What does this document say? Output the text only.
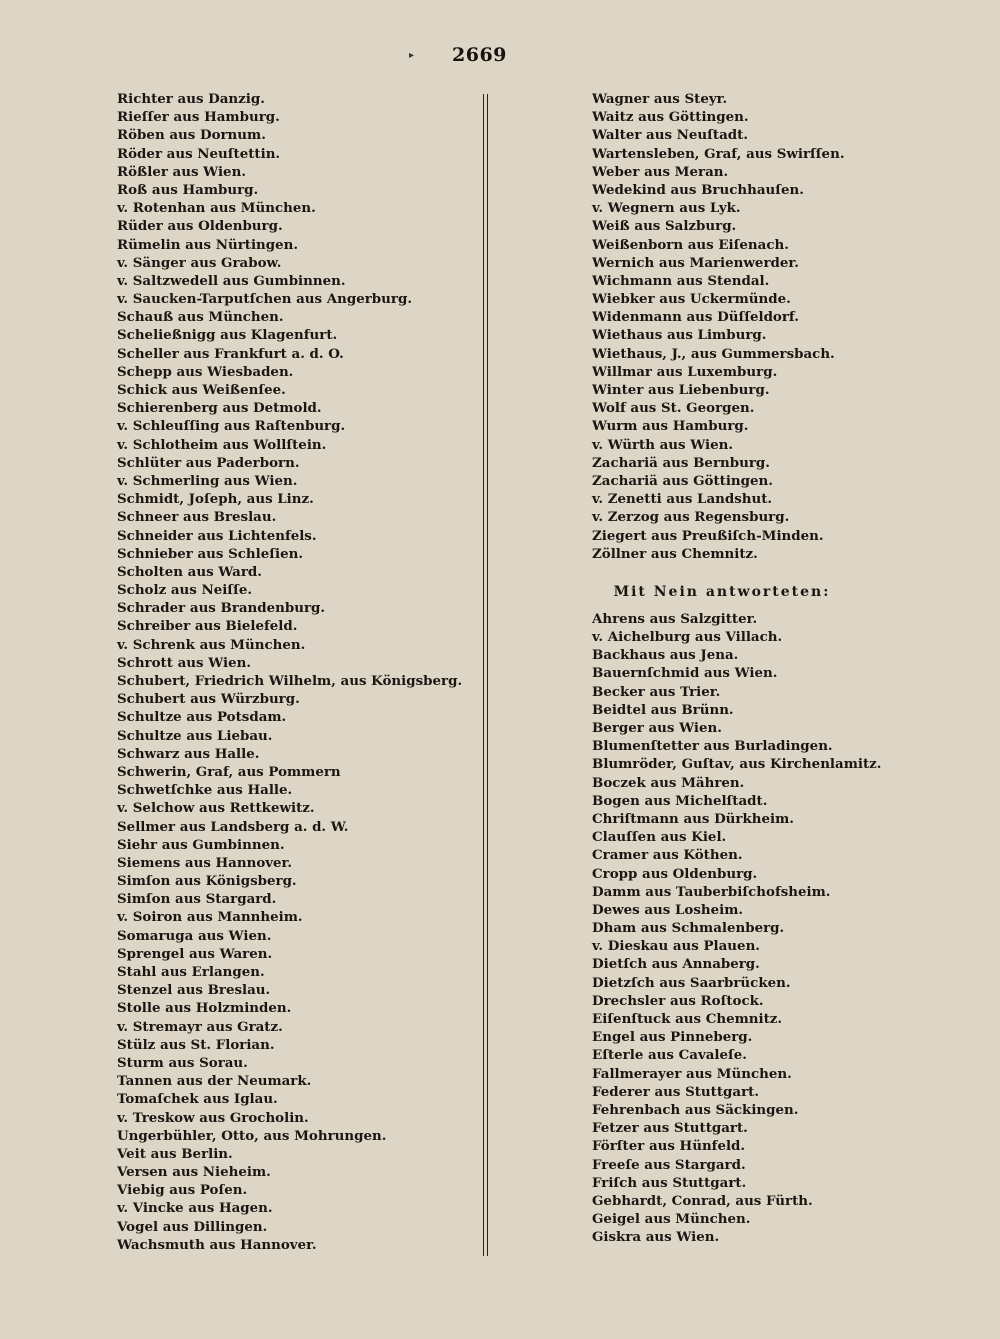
▸ 2669
Richter aus Danzig.
Rieſſer aus Hamburg.
Röben aus Dornum.
Röder aus Neuſtettin.
Rößler aus Wien.
Roß aus Hamburg.
v. Rotenhan aus München.
Rüder aus Oldenburg.
Rümelin aus Nürtingen.
v. Sänger aus Grabow.
v. Saltzwedell aus Gumbinnen.
v. Saucken-Tarputſchen aus Angerburg.
Schauß aus München.
Scheließnigg aus Klagenfurt.
Scheller aus Frankfurt a. d. O.
Schepp aus Wiesbaden.
Schick aus Weißenſee.
Schierenberg aus Detmold.
v. Schleuſſing aus Raſtenburg.
v. Schlotheim aus Wollſtein.
Schlüter aus Paderborn.
v. Schmerling aus Wien.
Schmidt, Joſeph, aus Linz.
Schneer aus Breslau.
Schneider aus Lichtenfels.
Schnieber aus Schleſien.
Scholten aus Ward.
Scholz aus Neiſſe.
Schrader aus Brandenburg.
Schreiber aus Bielefeld.
v. Schrenk aus München.
Schrott aus Wien.
Schubert, Friedrich Wilhelm, aus Königsberg.
Schubert aus Würzburg.
Schultze aus Potsdam.
Schultze aus Liebau.
Schwarz aus Halle.
Schwerin, Graf, aus Pommern
Schwetſchke aus Halle.
v. Selchow aus Rettkewitz.
Sellmer aus Landsberg a. d. W.
Siehr aus Gumbinnen.
Siemens aus Hannover.
Simſon aus Königsberg.
Simſon aus Stargard.
v. Soiron aus Mannheim.
Somaruga aus Wien.
Sprengel aus Waren.
Stahl aus Erlangen.
Stenzel aus Breslau.
Stolle aus Holzminden.
v. Stremayr aus Gratz.
Stülz aus St. Florian.
Sturm aus Sorau.
Tannen aus der Neumark.
Tomaſchek aus Iglau.
v. Treskow aus Grocholin.
Ungerbühler, Otto, aus Mohrungen.
Veit aus Berlin.
Versen aus Nieheim.
Viebig aus Poſen.
v. Vincke aus Hagen.
Vogel aus Dillingen.
Wachsmuth aus Hannover.
Wagner aus Steyr.
Waitz aus Göttingen.
Walter aus Neuſtadt.
Wartensleben, Graf, aus Swirſſen.
Weber aus Meran.
Wedekind aus Bruchhauſen.
v. Wegnern aus Lyk.
Weiß aus Salzburg.
Weißenborn aus Eiſenach.
Wernich aus Marienwerder.
Wichmann aus Stendal.
Wiebker aus Uckermünde.
Widenmann aus Düſſeldorf.
Wiethaus aus Limburg.
Wiethaus, J., aus Gummersbach.
Willmar aus Luxemburg.
Winter aus Liebenburg.
Wolf aus St. Georgen.
Wurm aus Hamburg.
v. Würth aus Wien.
Zachariä aus Bernburg.
Zachariä aus Göttingen.
v. Zenetti aus Landshut.
v. Zerzog aus Regensburg.
Ziegert aus Preußiſch-Minden.
Zöllner aus Chemnitz.
Mit Nein antworteten:
Ahrens aus Salzgitter.
v. Aichelburg aus Villach.
Backhaus aus Jena.
Bauernſchmid aus Wien.
Becker aus Trier.
Beidtel aus Brünn.
Berger aus Wien.
Blumenſtetter aus Burladingen.
Blumröder, Guſtav, aus Kirchenlamitz.
Boczek aus Mähren.
Bogen aus Michelſtadt.
Chriſtmann aus Dürkheim.
Clauſſen aus Kiel.
Cramer aus Köthen.
Cropp aus Oldenburg.
Damm aus Tauberbiſchofsheim.
Dewes aus Losheim.
Dham aus Schmalenberg.
v. Dieskau aus Plauen.
Dietſch aus Annaberg.
Dietzſch aus Saarbrücken.
Drechsler aus Roſtock.
Eiſenſtuck aus Chemnitz.
Engel aus Pinneberg.
Eſterle aus Cavaleſe.
Fallmerayer aus München.
Federer aus Stuttgart.
Fehrenbach aus Säckingen.
Fetzer aus Stuttgart.
Förſter aus Hünfeld.
Freeſe aus Stargard.
Friſch aus Stuttgart.
Gebhardt, Conrad, aus Fürth.
Geigel aus München.
Giskra aus Wien.
